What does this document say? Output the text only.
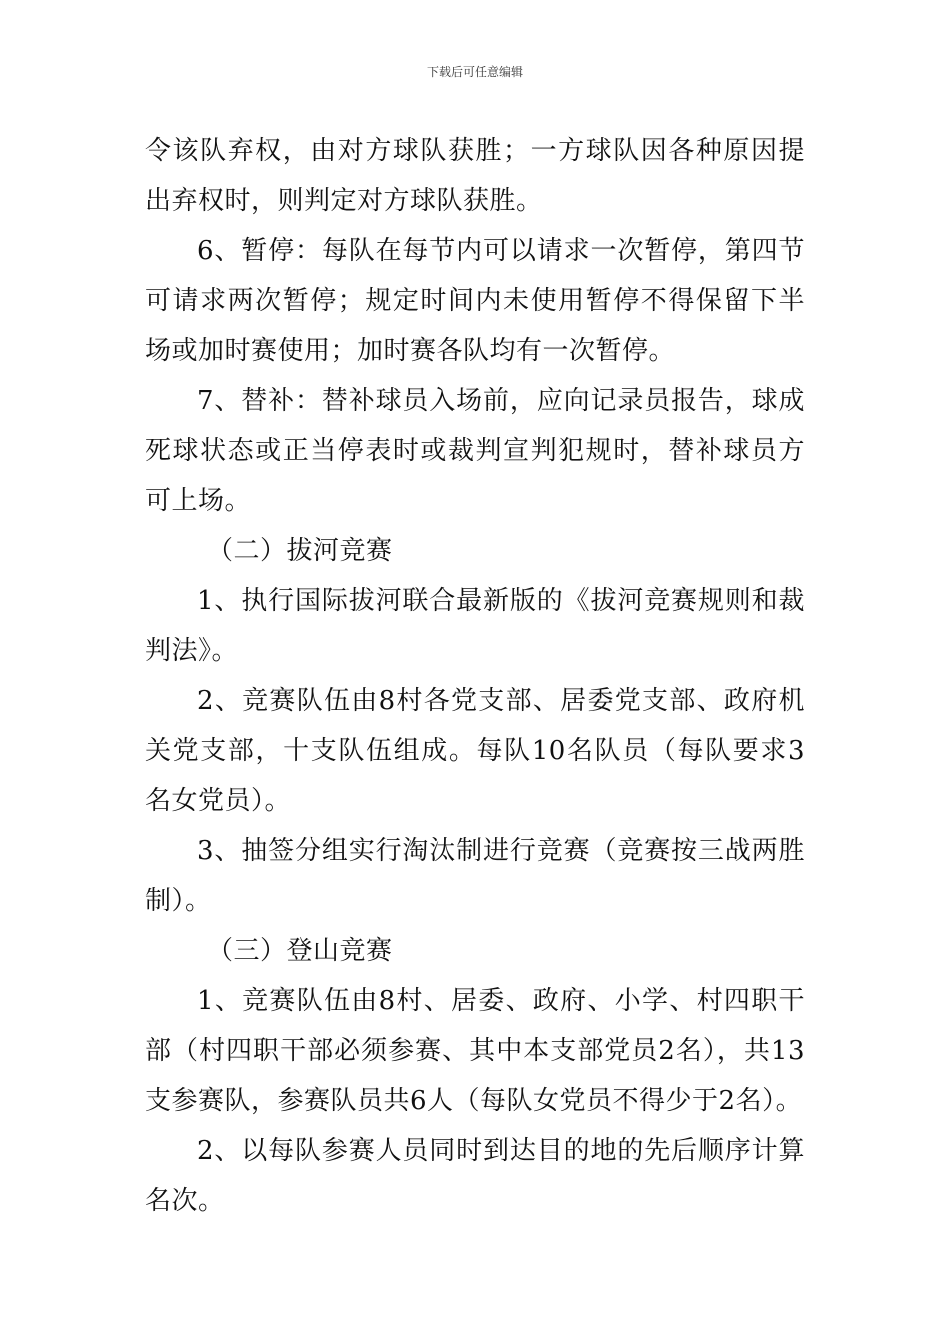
下载后可任意编辑

令该队弃权，由对方球队获胜；一方球队因各种原因提出弃权时，则判定对方球队获胜。

6、暂停：每队在每节内可以请求一次暂停，第四节可请求两次暂停；规定时间内未使用暂停不得保留下半场或加时赛使用；加时赛各队均有一次暂停。

7、替补：替补球员入场前，应向记录员报告，球成死球状态或正当停表时或裁判宣判犯规时，替补球员方可上场。

（二）拔河竞赛

1、执行国际拔河联合最新版的《拔河竞赛规则和裁判法》。

2、竞赛队伍由8村各党支部、居委党支部、政府机关党支部，十支队伍组成。每队10名队员（每队要求3名女党员）。

3、抽签分组实行淘汰制进行竞赛（竞赛按三战两胜制）。

（三）登山竞赛

1、竞赛队伍由8村、居委、政府、小学、村四职干部（村四职干部必须参赛、其中本支部党员2名），共13支参赛队，参赛队员共6人（每队女党员不得少于2名）。

2、以每队参赛人员同时到达目的地的先后顺序计算名次。
